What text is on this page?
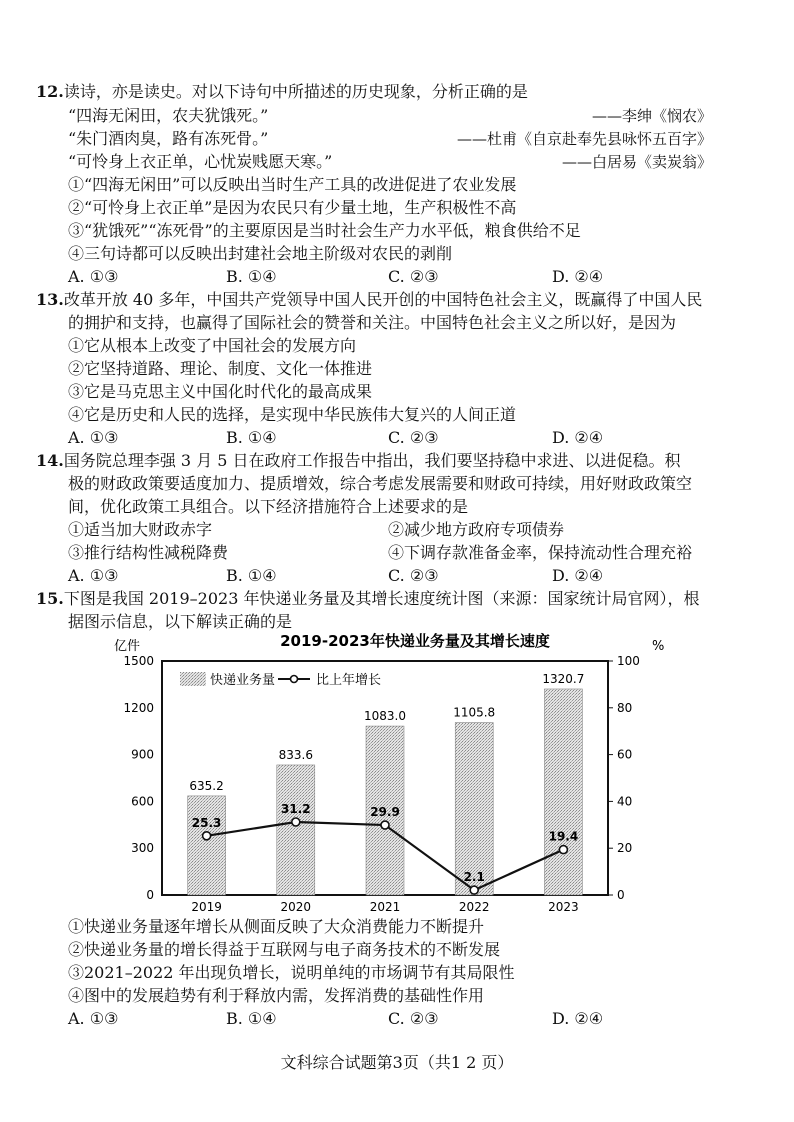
12.读诗，亦是读史。对以下诗句中所描述的历史现象，分析正确的是
“四海无闲田，农夫犹饿死。”	——李绅《悯农》
“朱门酒肉臭，路有冻死骨。”	——杜甫《自京赴奉先县咏怀五百字》
“可怜身上衣正单，心忧炭贱愿天寒。”	——白居易《卖炭翁》
①“四海无闲田”可以反映出当时生产工具的改进促进了农业发展
②“可怜身上衣正单”是因为农民只有少量土地，生产积极性不高
③“犹饿死”“冻死骨”的主要原因是当时社会生产力水平低，粮食供给不足
④三句诗都可以反映出封建社会地主阶级对农民的剥削
A. ①③	B. ①④	C. ②③	D. ②④
13.改革开放 40 多年，中国共产党领导中国人民开创的中国特色社会主义，既赢得了中国人民
的拥护和支持，也赢得了国际社会的赞誉和关注。中国特色社会主义之所以好，是因为
①它从根本上改变了中国社会的发展方向
②它坚持道路、理论、制度、文化一体推进
③它是马克思主义中国化时代化的最高成果
④它是历史和人民的选择，是实现中华民族伟大复兴的人间正道
A. ①③	B. ①④	C. ②③	D. ②④
14.国务院总理李强 3 月 5 日在政府工作报告中指出，我们要坚持稳中求进、以进促稳。积
极的财政政策要适度加力、提质增效，综合考虑发展需要和财政可持续，用好财政政策空
间，优化政策工具组合。以下经济措施符合上述要求的是
①适当加大财政赤字	②减少地方政府专项债券
③推行结构性减税降费	④下调存款准备金率，保持流动性合理充裕
A. ①③	B. ①④	C. ②③	D. ②④
15.下图是我国 2019–2023 年快递业务量及其增长速度统计图（来源：国家统计局官网），根
据图示信息，以下解读正确的是
2019-2023年快递业务量及其增长速度
亿件	%
0
300
600
900
1200
1500
0
20
40
60
80
100
635.2
833.6
1083.0	1105.8
1320.7
25.3
31.2	29.9
2.1
19.4
2019	2020	2021	2022	2023
快递业务量	比上年增长
①快递业务量逐年增长从侧面反映了大众消费能力不断提升
②快递业务量的增长得益于互联网与电子商务技术的不断发展
③2021–2022 年出现负增长，说明单纯的市场调节有其局限性
④图中的发展趋势有利于释放内需，发挥消费的基础性作用
A. ①③	B. ①④	C. ②③	D. ②④
文科综合试题第3页（共1 2 页）
